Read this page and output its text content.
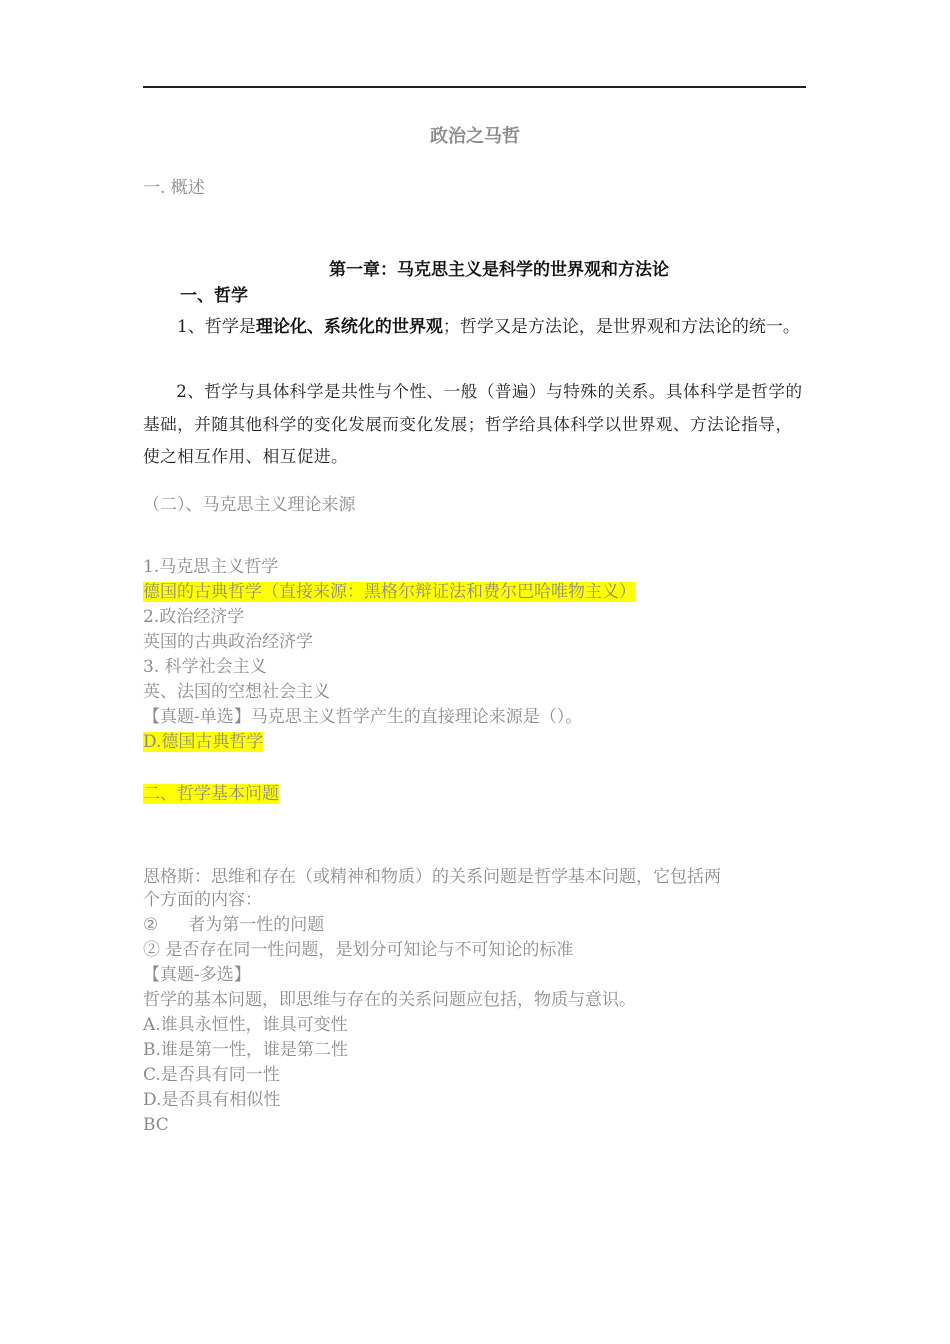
政治之马哲
一. 概述
第一章：马克思主义是科学的世界观和方法论
一、哲学

1、哲学是理论化、系统化的世界观；哲学又是方法论，是世界观和方法论的统一。

2、哲学与具体科学是共性与个性、一般（普遍）与特殊的关系。具体科学是哲学的基础，并随其他科学的变化发展而变化发展；哲学给具体科学以世界观、方法论指导，使之相互作用、相互促进。

（二）、马克思主义理论来源
1.马克思主义哲学
德国的古典哲学（直接来源：黑格尔辩证法和费尔巴哈唯物主义）
2.政治经济学
英国的古典政治经济学
3. 科学社会主义
英、法国的空想社会主义
【真题-单选】马克思主义哲学产生的直接理论来源是（）。
D.德国古典哲学
二、哲学基本问题
恩格斯：思维和存在（或精神和物质）的关系问题是哲学基本问题，它包括两
个方面的内容：
② 者为第一性的问题
② 是否存在同一性问题，是划分可知论与不可知论的标准
【真题-多选】
哲学的基本问题，即思维与存在的关系问题应包括，物质与意识。
A.谁具永恒性，谁具可变性
B.谁是第一性，谁是第二性
C.是否具有同一性
D.是否具有相似性
BC
